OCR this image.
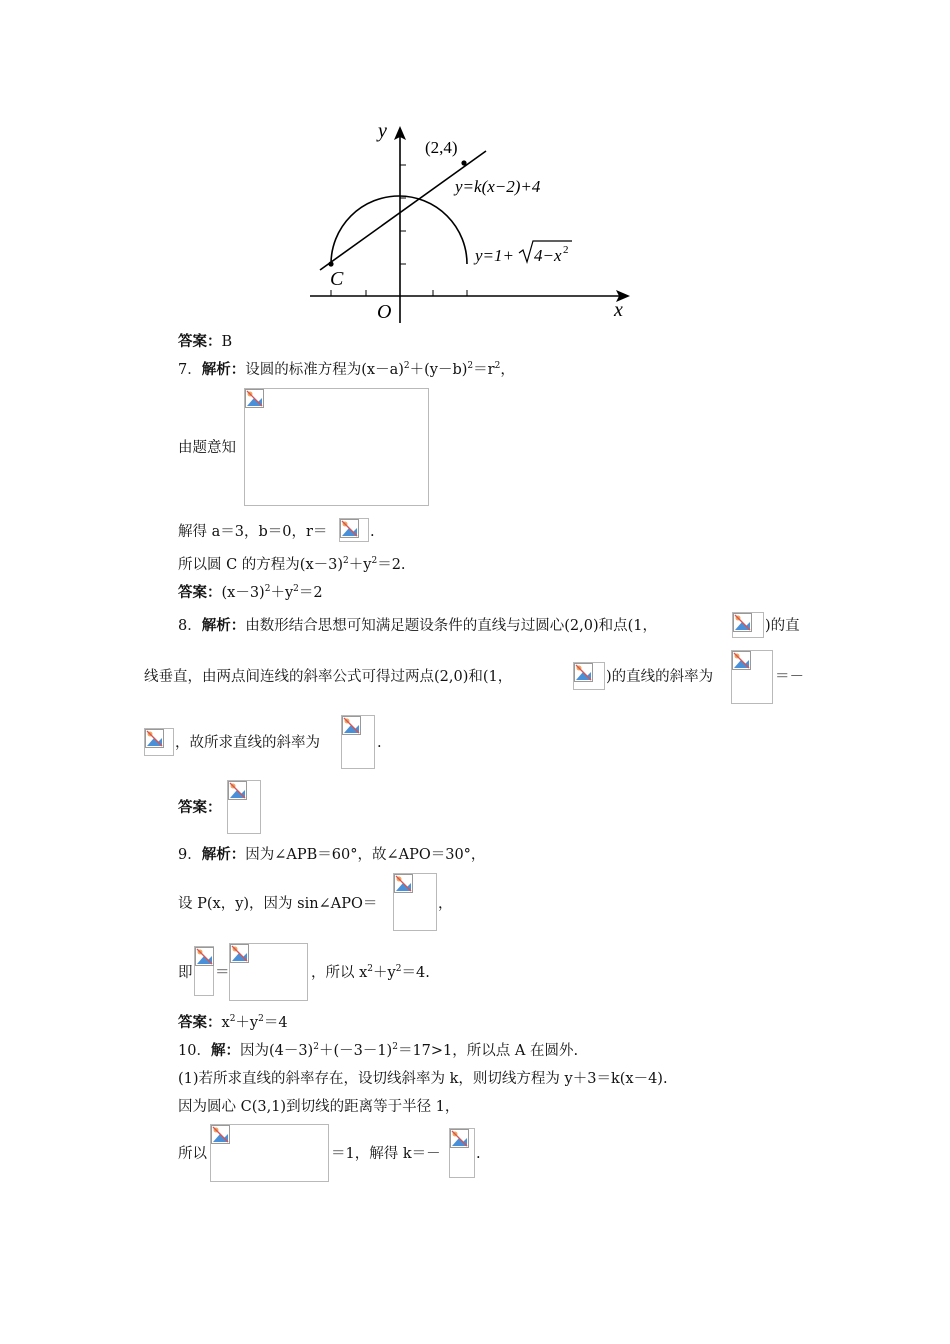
y
x
O
(2,4)
y=k(x−2)+4
C
y=1+ 4−x 2
答案：B
7．解析：设圆的标准方程为$(x-a)^2+(y-b)^2=r^2$，
由题意知
解得 a＝3，b＝0，r＝	.
所以圆 C 的方程为$(x-3)^2+y^2=2$.
答案：$(x-3)^2+y^2=2$
8．解析：由数形结合思想可知满足题设条件的直线与过圆心(2,0)和点(1，	)的直
线垂直，由两点间连线的斜率公式可得过两点(2,0)和(1，	)的直线的斜率为	＝－
，故所求直线的斜率为	.
答案：
9．解析：因为∠APB＝60°，故∠APO＝30°，
设 P(x，y)，因为 sin∠APO＝	，
即 ＝	，所以 $x^2+y^2=4$.
答案：$x^2+y^2=4$
10．解：因为$(4-3)^2+(-3-1)^2=17>1$，所以点 A 在圆外.
(1)若所求直线的斜率存在，设切线斜率为 k，则切线方程为 y＋3＝k(x－4).
因为圆心 C(3,1)到切线的距离等于半径 1，
所以	＝1，解得 k＝－ .
